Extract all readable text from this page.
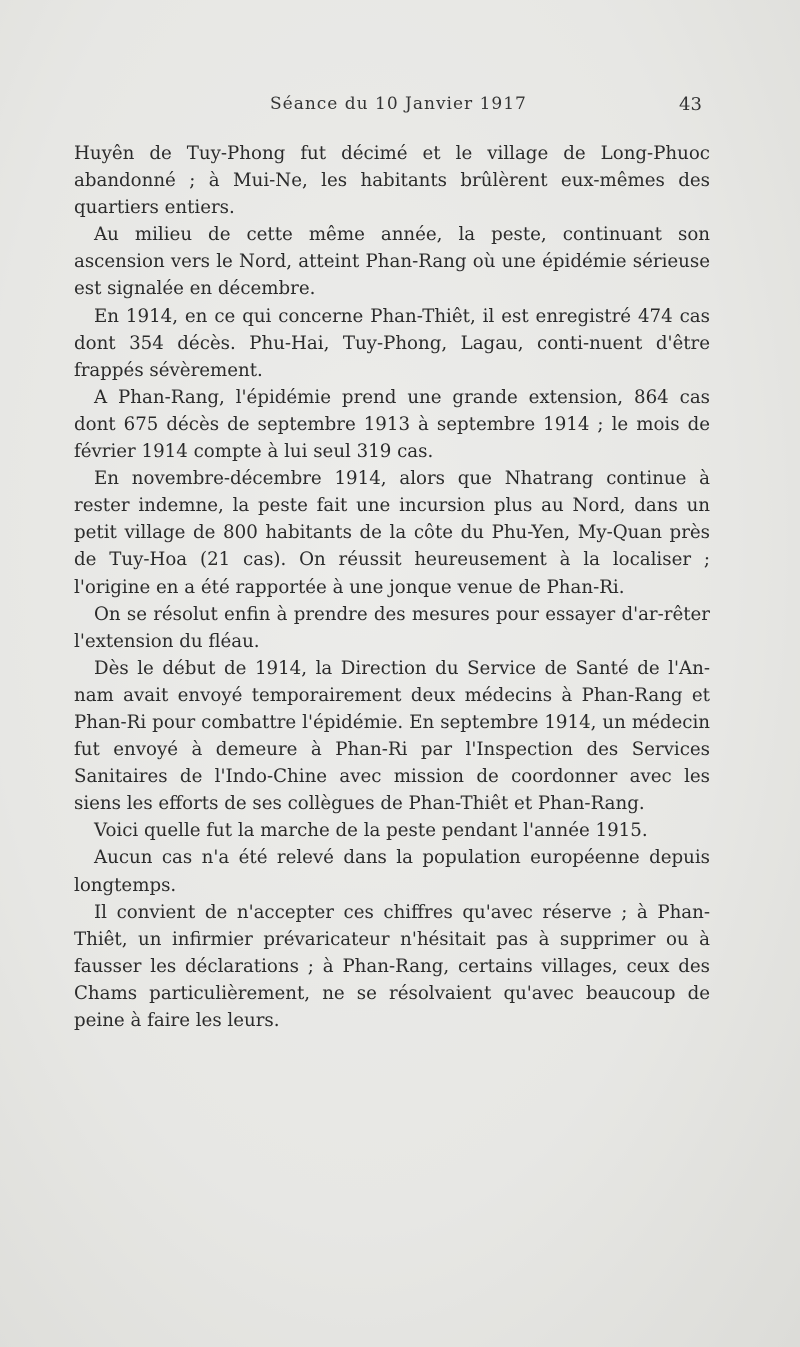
Séance du 10 Janvier 1917	43

Huyên de Tuy-Phong fut décimé et le village de Long-Phuoc abandonné ; à Mui-Ne, les habitants brûlèrent eux-mêmes des quartiers entiers.

Au milieu de cette même année, la peste, continuant son ascension vers le Nord, atteint Phan-Rang où une épidémie sérieuse est signalée en décembre.

En 1914, en ce qui concerne Phan-Thiêt, il est enregistré 474 cas dont 354 décès. Phu-Hai, Tuy-Phong, Lagau, conti-nuent d'être frappés sévèrement.

A Phan-Rang, l'épidémie prend une grande extension, 864 cas dont 675 décès de septembre 1913 à septembre 1914 ; le mois de février 1914 compte à lui seul 319 cas.

En novembre-décembre 1914, alors que Nhatrang continue à rester indemne, la peste fait une incursion plus au Nord, dans un petit village de 800 habitants de la côte du Phu-Yen, My-Quan près de Tuy-Hoa (21 cas). On réussit heureusement à la localiser ; l'origine en a été rapportée à une jonque venue de Phan-Ri.

On se résolut enfin à prendre des mesures pour essayer d'ar-rêter l'extension du fléau.

Dès le début de 1914, la Direction du Service de Santé de l'An-nam avait envoyé temporairement deux médecins à Phan-Rang et Phan-Ri pour combattre l'épidémie. En septembre 1914, un médecin fut envoyé à demeure à Phan-Ri par l'Inspection des Services Sanitaires de l'Indo-Chine avec mission de coordonner avec les siens les efforts de ses collègues de Phan-Thiêt et Phan-Rang.

Voici quelle fut la marche de la peste pendant l'année 1915.

Aucun cas n'a été relevé dans la population européenne depuis longtemps.

Il convient de n'accepter ces chiffres qu'avec réserve ; à Phan-Thiêt, un infirmier prévaricateur n'hésitait pas à supprimer ou à fausser les déclarations ; à Phan-Rang, certains villages, ceux des Chams particulièrement, ne se résolvaient qu'avec beaucoup de peine à faire les leurs.
